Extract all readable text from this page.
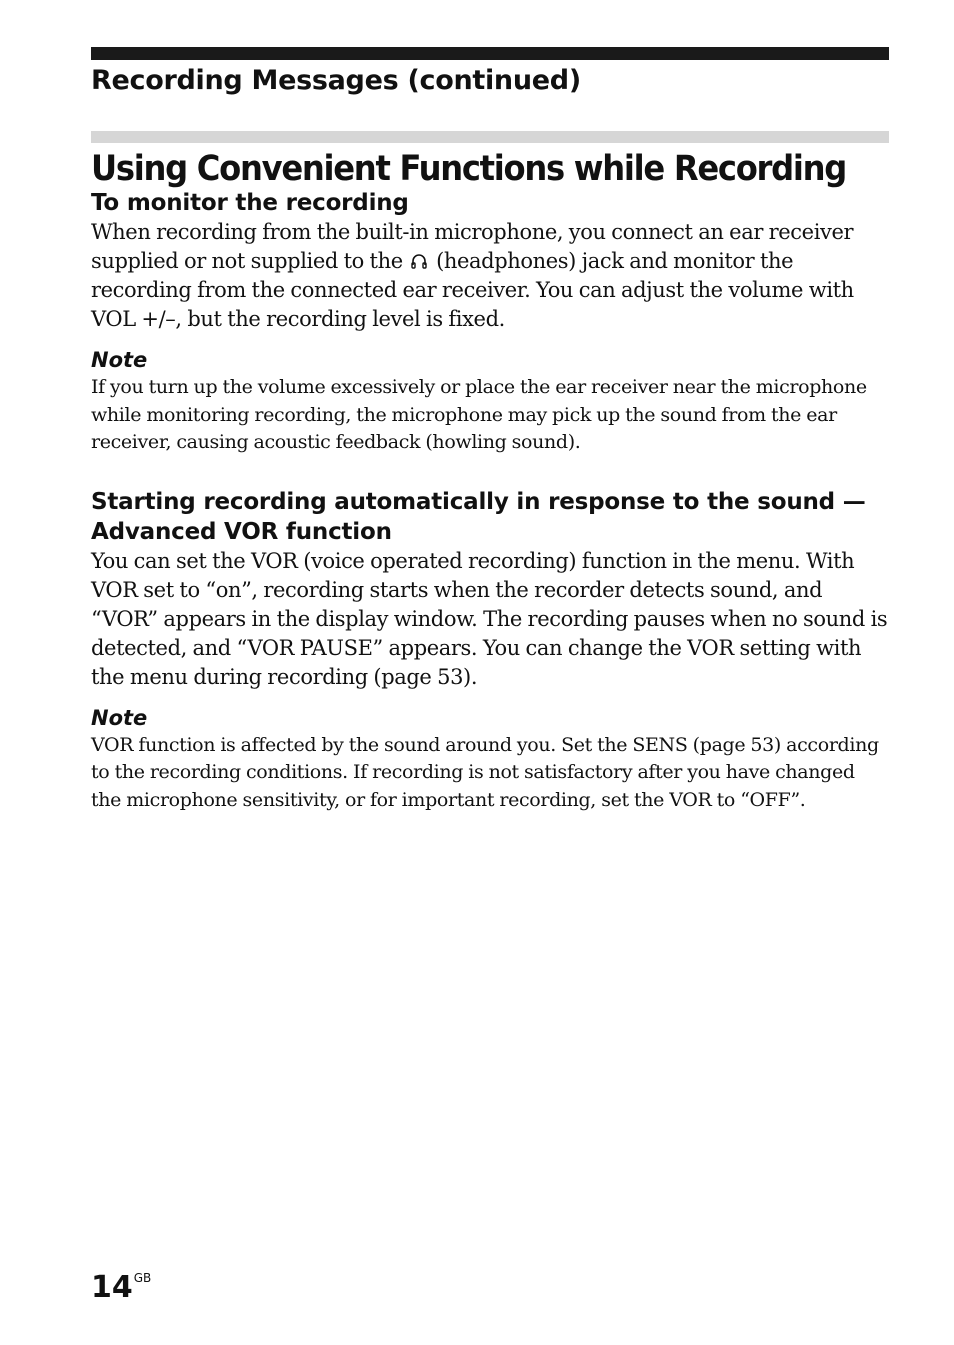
Recording Messages (continued)
Using Convenient Functions while Recording
To monitor the recording

When recording from the built-in microphone, you connect an ear receiver supplied or not supplied to the (headphones) jack and monitor the recording from the connected ear receiver. You can adjust the volume with VOL +/–, but the recording level is fixed.

Note

If you turn up the volume excessively or place the ear receiver near the microphone while monitoring recording, the microphone may pick up the sound from the ear receiver, causing acoustic feedback (howling sound).

Starting recording automatically in response to the sound — Advanced VOR function

You can set the VOR (voice operated recording) function in the menu. With VOR set to “on”, recording starts when the recorder detects sound, and “VOR” appears in the display window. The recording pauses when no sound is detected, and “VOR PAUSE” appears. You can change the VOR setting with the menu during recording (page 53).

Note

VOR function is affected by the sound around you. Set the SENS (page 53) according to the recording conditions. If recording is not satisfactory after you have changed the microphone sensitivity, or for important recording, set the VOR to “OFF”.

$14^{GB}$
